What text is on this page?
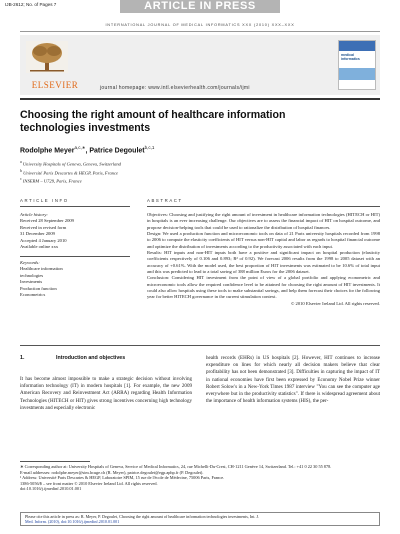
IJB-2612; No. of Pages 7	ARTICLE IN PRESS
INTERNATIONAL JOURNAL OF MEDICAL INFORMATICS XXX (2010) XXX–XXX
ELSEVIER	journal homepage: www.intl.elsevierhealth.com/journals/ijmi
medical informatics
Choosing the right amount of healthcare information
technologies investments
Rodolphe Meyer$^{a,c,∗}$, Patrice Degoulet$^{b,c,1}$
$^a$ University Hospitals of Geneva, Geneva, Switzerland
$^b$ Université Paris Descartes & HEGP, Paris, France
$^c$ INSERM – U729, Paris, France
ARTICLE INFO	ABSTRACT
Article history:
Received 28 September 2009
Received in revised form
31 December 2009
Accepted 4 January 2010
Available online xxx
Keywords:
Healthcare information
technologies
Investments
Production function
Econometrics

Objectives: Choosing and justifying the right amount of investment in healthcare information technologies (HITECH or HIT) in hospitals is an ever increasing challenge. Our objectives are to assess the financial impact of HIT on hospital outcome, and propose decision-helping tools that could be used to rationalize the distribution of hospital finances.

Design: We used a production function and microeconomic tools on data of 21 Paris university hospitals recorded from 1998 to 2006 to compute the elasticity coefficients of HIT versus non-HIT capital and labor as regards to hospital financial outcome and optimize the distribution of investments according to the productivity associated with each input.

Results: HIT inputs and non-HIT inputs both have a positive and significant impact on hospital production (elasticity coefficients respectively of 0.106 and 0.893; R² of 0.92). We forecast 2006 results from the 1998 to 2005 dataset with an accuracy of +0.61%. With the model used, the best proportion of HIT investments was estimated to be 10.6% of total input and this was predicted to lead to a total saving of 388 million Euros for the 2006 dataset.

Conclusion: Considering HIT investment from the point of view of a global portfolio and applying econometric and microeconomic tools allow the required confidence level to be attained for choosing the right amount of HIT investments. It could also allow hospitals using these tools to make substantial savings, and help them forecast their choices for the following year for better HITECH governance in the current stimulation context.

© 2010 Elsevier Ireland Ltd. All rights reserved.

1.	Introduction and objectives
It has become almost impossible to make a strategic decision without involving information technology (IT) in modern hospitals [1]. For example, the new 2009 American Recovery and Reinvestment Act (ARRA) regarding Health Information Technologies (HITECH or HIT) gives strong incentives concerning high technology investments and especially electronic
health records (EHRs) in US hospitals [2]. However, HIT continues to increase expenditure on lines for which nearly all decision makers believe that clear profitability has not been demonstrated [3]. Difficulties in capturing the impact of IT in national economies have first been expressed by Economy Nobel Prize winner Robert Solow's in a New-York Times 1987 interview "You can see the computer age everywhere but in the productivity statistics". If there is widespread agreement about the importance of health information systems (HIS), the per-
∗ Corresponding author at: University Hospitals of Geneva, Service of Medical Informatics, 24, rue Michelli-Du-Crest, CH-1211 Genève 14, Switzerland. Tel.: +41 0 22 30 55 878.
E-mail addresses: rodolphe.meyer@sim.hcuge.ch (R. Meyer), patrice.degoulet@egp.aphp.fr (P. Degoulet).
¹ Address: Université Paris Descartes & HEGP, Laboratoire SPIM, 15 rue de l'école de Médecine, 75006 Paris, France.
1386-5056/$ – see front matter © 2010 Elsevier Ireland Ltd. All rights reserved.
doi:10.1016/j.ijmedinf.2010.01.001
Please cite this article in press as: R. Meyer, P. Degoulet, Choosing the right amount of healthcare information technologies investments, Int. J.
Med. Inform. (2010), doi:10.1016/j.ijmedinf.2010.01.001
